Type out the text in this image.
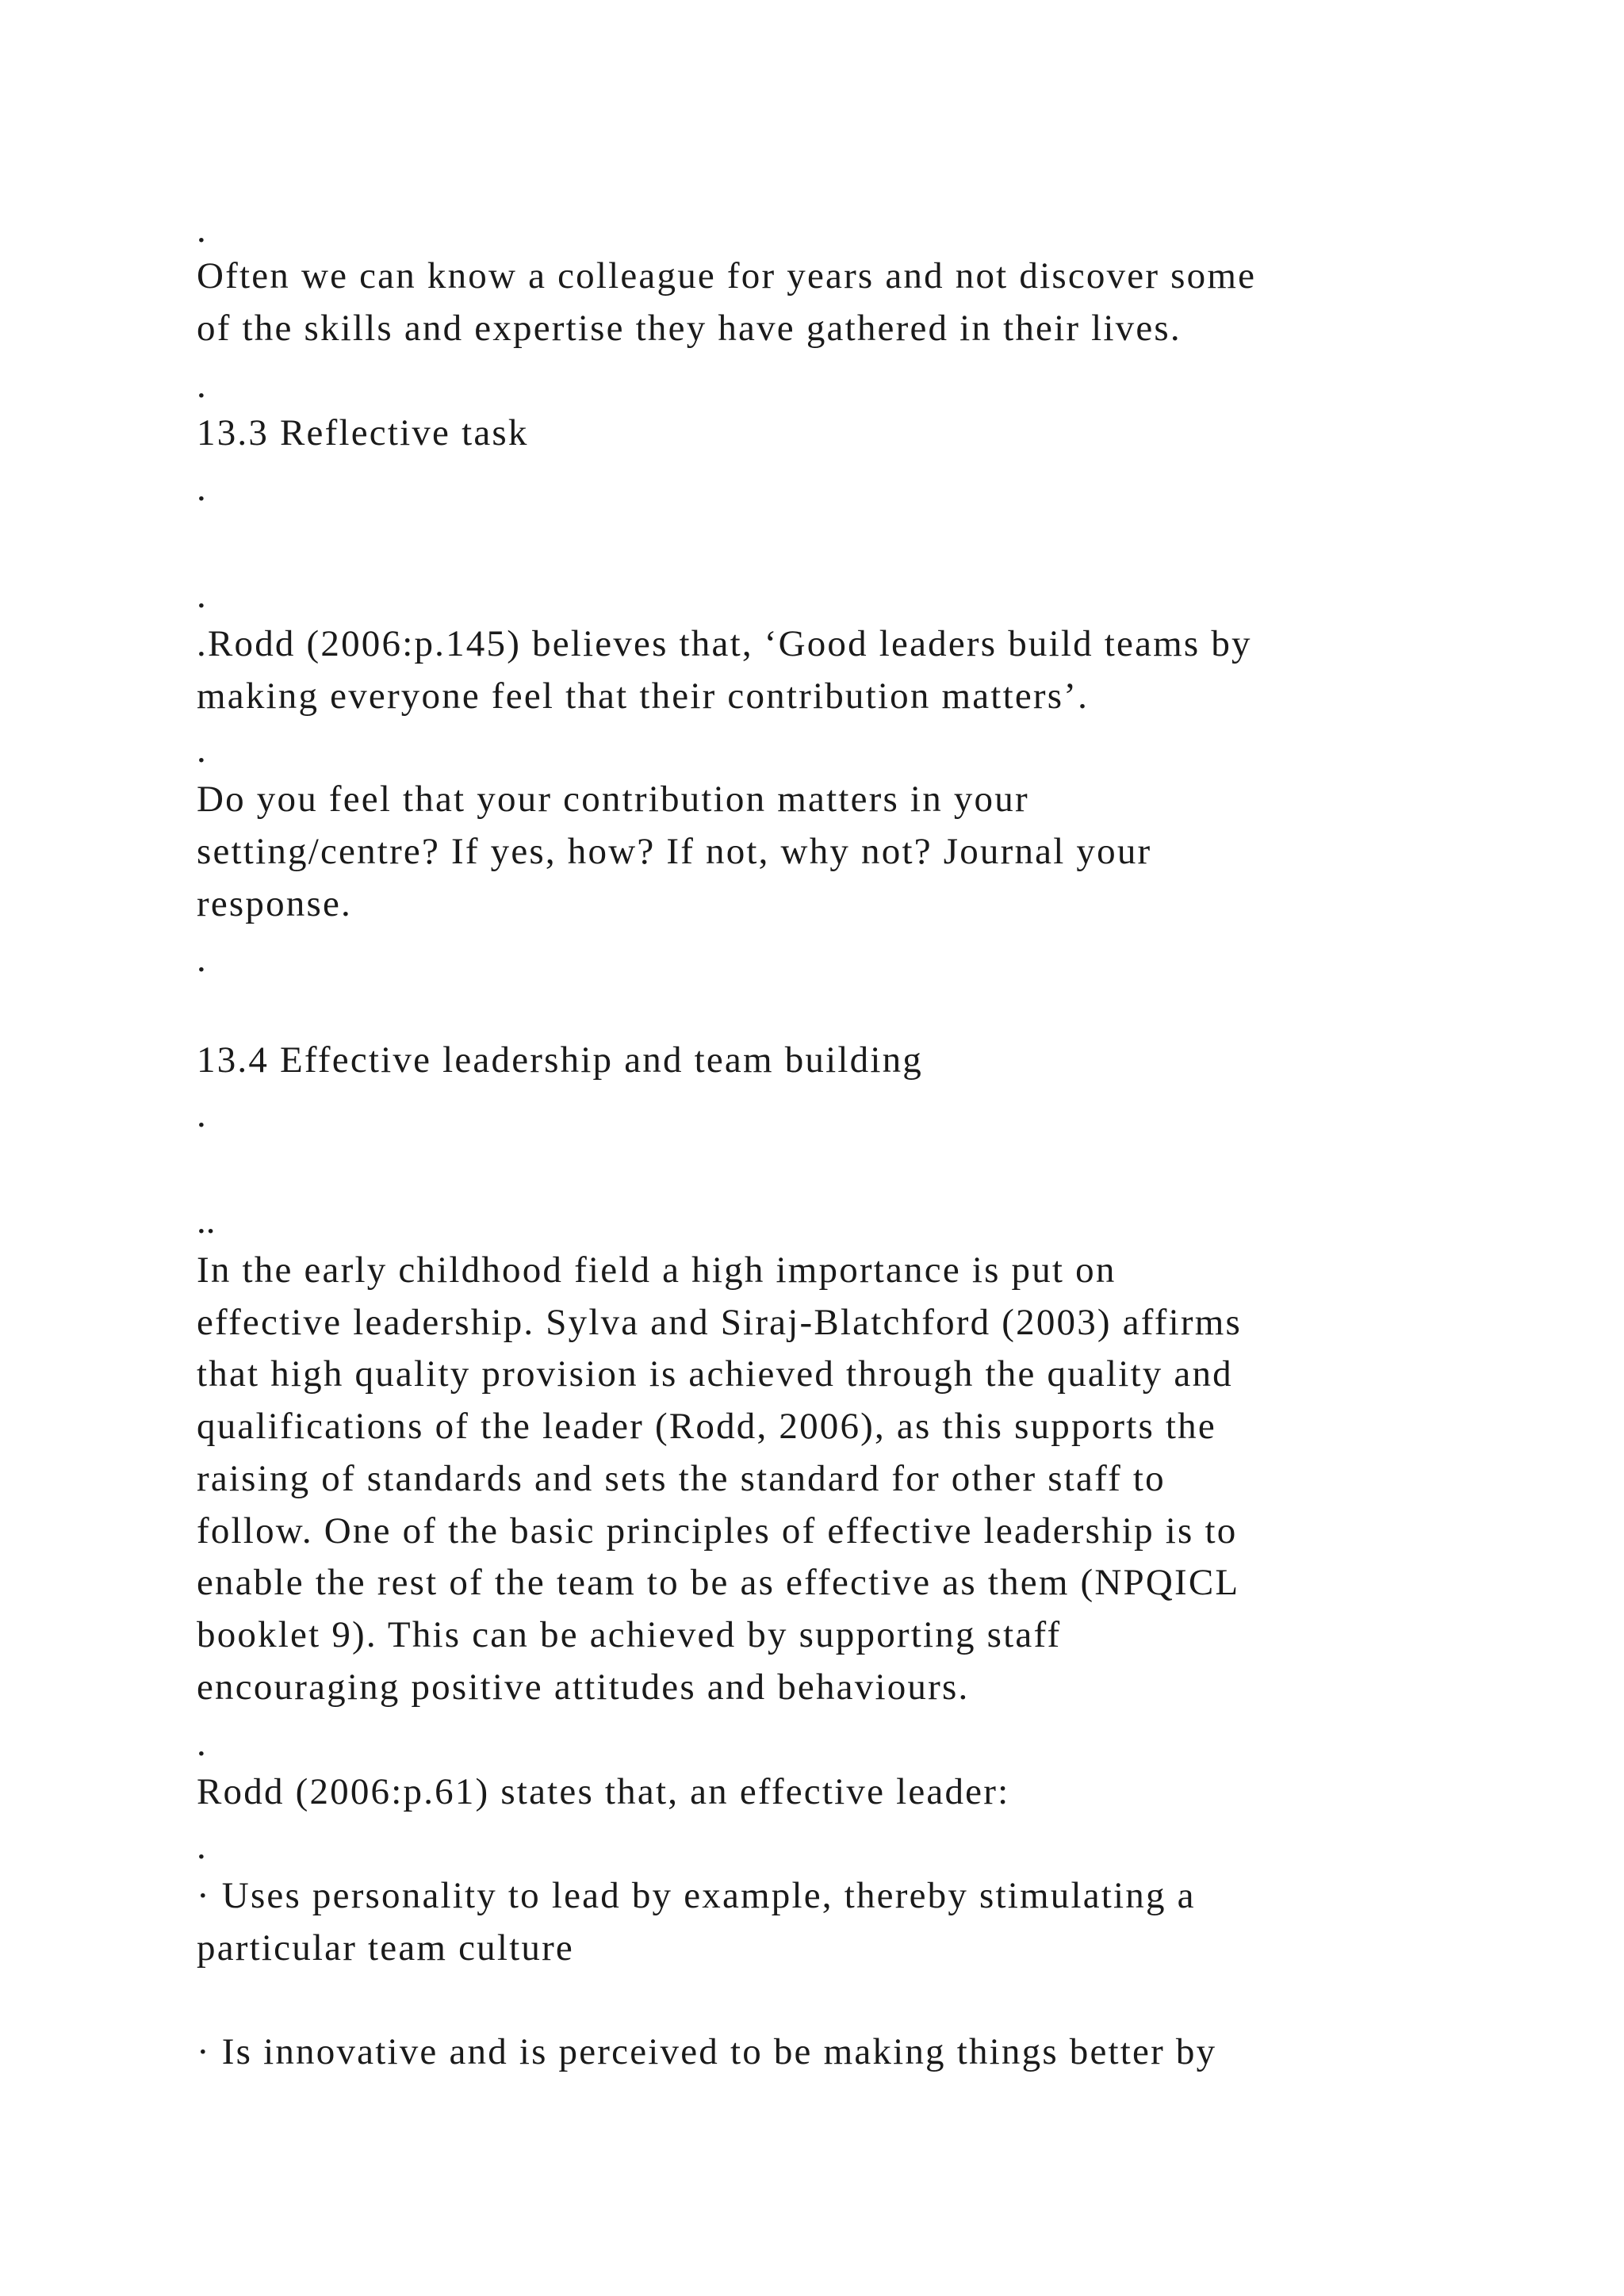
.
Often we can know a colleague for years and not discover some
of the skills and expertise they have gathered in their lives.
.
13.3 Reflective task
.
.
.Rodd (2006:p.145) believes that, ‘Good leaders build teams by
making everyone feel that their contribution matters’.
.
Do you feel that your contribution matters in your
setting/centre? If yes, how? If not, why not? Journal your
response.
.
13.4 Effective leadership and team building
.
..
In the early childhood field a high importance is put on
effective leadership. Sylva and Siraj-Blatchford (2003) affirms
that high quality provision is achieved through the quality and
qualifications of the leader (Rodd, 2006), as this supports the
raising of standards and sets the standard for other staff to
follow. One of the basic principles of effective leadership is to
enable the rest of the team to be as effective as them (NPQICL
booklet 9). This can be achieved by supporting staff
encouraging positive attitudes and behaviours.
.
Rodd (2006:p.61) states that, an effective leader:
.
· Uses personality to lead by example, thereby stimulating a
particular team culture
· Is innovative and is perceived to be making things better by
